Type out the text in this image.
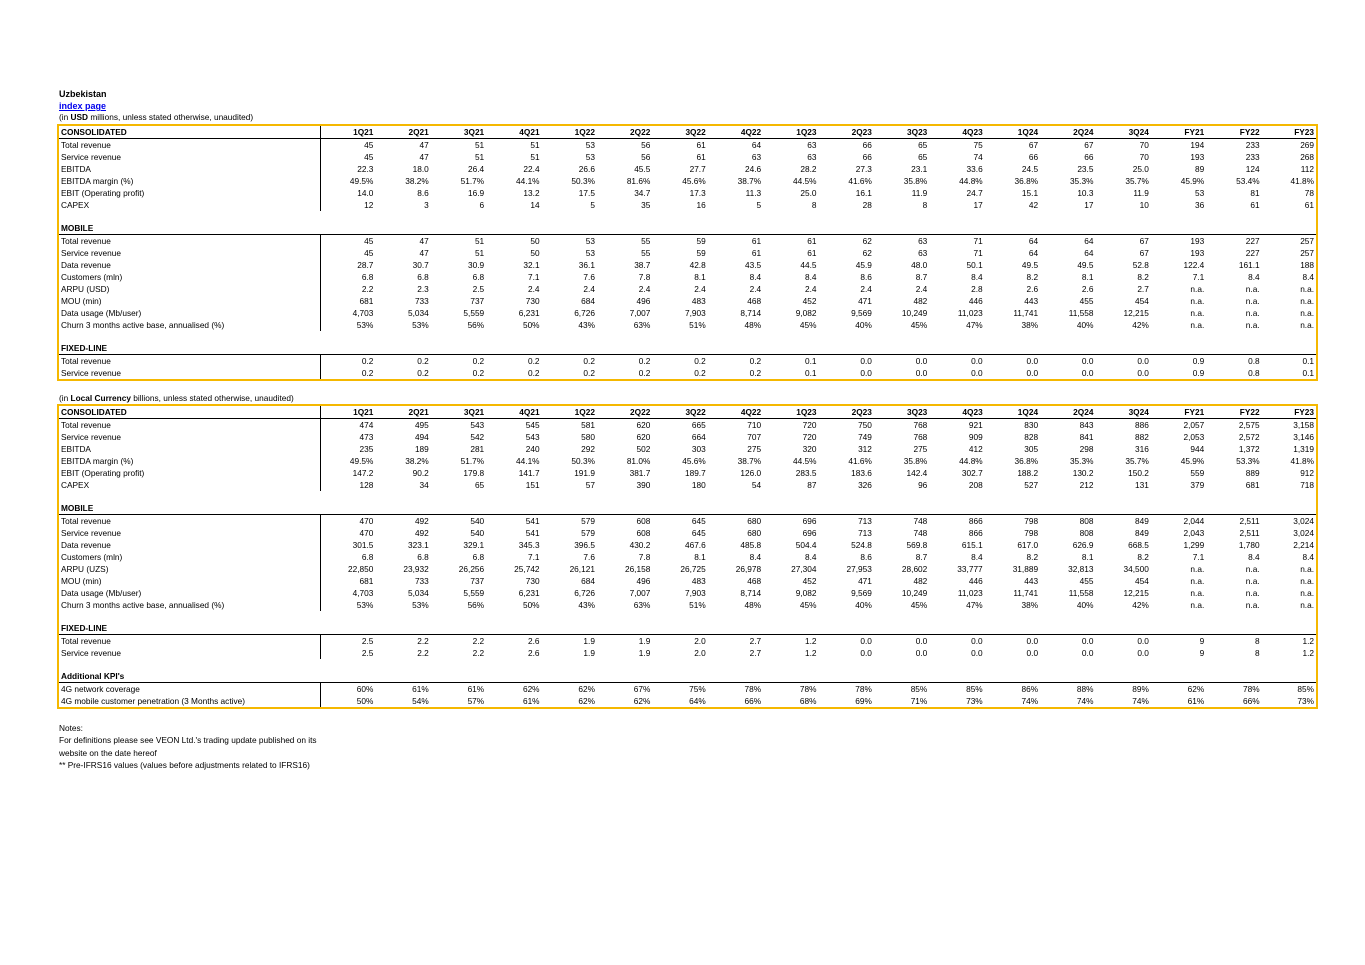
Uzbekistan
index page
(in USD millions, unless stated otherwise, unaudited)
CONSOLIDATED	1Q21	2Q21	3Q21	4Q21	1Q22	2Q22	3Q22	4Q22	1Q23	2Q23	3Q23	4Q23	1Q24	2Q24	3Q24	FY21	FY22	FY23
Total revenue	45	47	51	51	53	56	61	64	63	66	65	75	67	67	70	194	233	269
Service revenue	45	47	51	51	53	56	61	63	63	66	65	74	66	66	70	193	233	268
EBITDA	22.3	18.0	26.4	22.4	26.6	45.5	27.7	24.6	28.2	27.3	23.1	33.6	24.5	23.5	25.0	89	124	112
EBITDA margin (%)	49.5%	38.2%	51.7%	44.1%	50.3%	81.6%	45.6%	38.7%	44.5%	41.6%	35.8%	44.8%	36.8%	35.3%	35.7%	45.9%	53.4%	41.8%
EBIT (Operating profit)	14.0	8.6	16.9	13.2	17.5	34.7	17.3	11.3	25.0	16.1	11.9	24.7	15.1	10.3	11.9	53	81	78
CAPEX	12	3	6	14	5	35	16	5	8	28	8	17	42	17	10	36	61	61

MOBILE																		
Total revenue	45	47	51	50	53	55	59	61	61	62	63	71	64	64	67	193	227	257
Service revenue	45	47	51	50	53	55	59	61	61	62	63	71	64	64	67	193	227	257
Data revenue	28.7	30.7	30.9	32.1	36.1	38.7	42.8	43.5	44.5	45.9	48.0	50.1	49.5	49.5	52.8	122.4	161.1	188
Customers (mln)	6.8	6.8	6.8	7.1	7.6	7.8	8.1	8.4	8.4	8.6	8.7	8.4	8.2	8.1	8.2	7.1	8.4	8.4
ARPU (USD)	2.2	2.3	2.5	2.4	2.4	2.4	2.4	2.4	2.4	2.4	2.4	2.8	2.6	2.6	2.7	n.a.	n.a.	n.a.
MOU (min)	681	733	737	730	684	496	483	468	452	471	482	446	443	455	454	n.a.	n.a.	n.a.
Data usage (Mb/user)	4,703	5,034	5,559	6,231	6,726	7,007	7,903	8,714	9,082	9,569	10,249	11,023	11,741	11,558	12,215	n.a.	n.a.	n.a.
Churn 3 months active base, annualised (%)	53%	53%	56%	50%	43%	63%	51%	48%	45%	40%	45%	47%	38%	40%	42%	n.a.	n.a.	n.a.

FIXED-LINE																		
Total revenue	0.2	0.2	0.2	0.2	0.2	0.2	0.2	0.2	0.1	0.0	0.0	0.0	0.0	0.0	0.0	0.9	0.8	0.1
Service revenue	0.2	0.2	0.2	0.2	0.2	0.2	0.2	0.2	0.1	0.0	0.0	0.0	0.0	0.0	0.0	0.9	0.8	0.1
(in Local Currency billions, unless stated otherwise, unaudited)
CONSOLIDATED	1Q21	2Q21	3Q21	4Q21	1Q22	2Q22	3Q22	4Q22	1Q23	2Q23	3Q23	4Q23	1Q24	2Q24	3Q24	FY21	FY22	FY23
Total revenue	474	495	543	545	581	620	665	710	720	750	768	921	830	843	886	2,057	2,575	3,158
Service revenue	473	494	542	543	580	620	664	707	720	749	768	909	828	841	882	2,053	2,572	3,146
EBITDA	235	189	281	240	292	502	303	275	320	312	275	412	305	298	316	944	1,372	1,319
EBITDA margin (%)	49.5%	38.2%	51.7%	44.1%	50.3%	81.0%	45.6%	38.7%	44.5%	41.6%	35.8%	44.8%	36.8%	35.3%	35.7%	45.9%	53.3%	41.8%
EBIT (Operating profit)	147.2	90.2	179.8	141.7	191.9	381.7	189.7	126.0	283.5	183.6	142.4	302.7	188.2	130.2	150.2	559	889	912
CAPEX	128	34	65	151	57	390	180	54	87	326	96	208	527	212	131	379	681	718

MOBILE																		
Total revenue	470	492	540	541	579	608	645	680	696	713	748	866	798	808	849	2,044	2,511	3,024
Service revenue	470	492	540	541	579	608	645	680	696	713	748	866	798	808	849	2,043	2,511	3,024
Data revenue	301.5	323.1	329.1	345.3	396.5	430.2	467.6	485.8	504.4	524.8	569.8	615.1	617.0	626.9	668.5	1,299	1,780	2,214
Customers (mln)	6.8	6.8	6.8	7.1	7.6	7.8	8.1	8.4	8.4	8.6	8.7	8.4	8.2	8.1	8.2	7.1	8.4	8.4
ARPU (UZS)	22,850	23,932	26,256	25,742	26,121	26,158	26,725	26,978	27,304	27,953	28,602	33,777	31,889	32,813	34,500	n.a.	n.a.	n.a.
MOU (min)	681	733	737	730	684	496	483	468	452	471	482	446	443	455	454	n.a.	n.a.	n.a.
Data usage (Mb/user)	4,703	5,034	5,559	6,231	6,726	7,007	7,903	8,714	9,082	9,569	10,249	11,023	11,741	11,558	12,215	n.a.	n.a.	n.a.
Churn 3 months active base, annualised (%)	53%	53%	56%	50%	43%	63%	51%	48%	45%	40%	45%	47%	38%	40%	42%	n.a.	n.a.	n.a.

FIXED-LINE																		
Total revenue	2.5	2.2	2.2	2.6	1.9	1.9	2.0	2.7	1.2	0.0	0.0	0.0	0.0	0.0	0.0	9	8	1.2
Service revenue	2.5	2.2	2.2	2.6	1.9	1.9	2.0	2.7	1.2	0.0	0.0	0.0	0.0	0.0	0.0	9	8	1.2

Additional KPI's																		
4G network coverage	60%	61%	61%	62%	62%	67%	75%	78%	78%	78%	85%	85%	86%	88%	89%	62%	78%	85%
4G mobile customer penetration (3 Months active)	50%	54%	57%	61%	62%	62%	64%	66%	68%	69%	71%	73%	74%	74%	74%	61%	66%	73%
Notes:
For definitions please see VEON Ltd.'s trading update published on its
website on the date hereof
** Pre-IFRS16 values (values before adjustments related to IFRS16)
